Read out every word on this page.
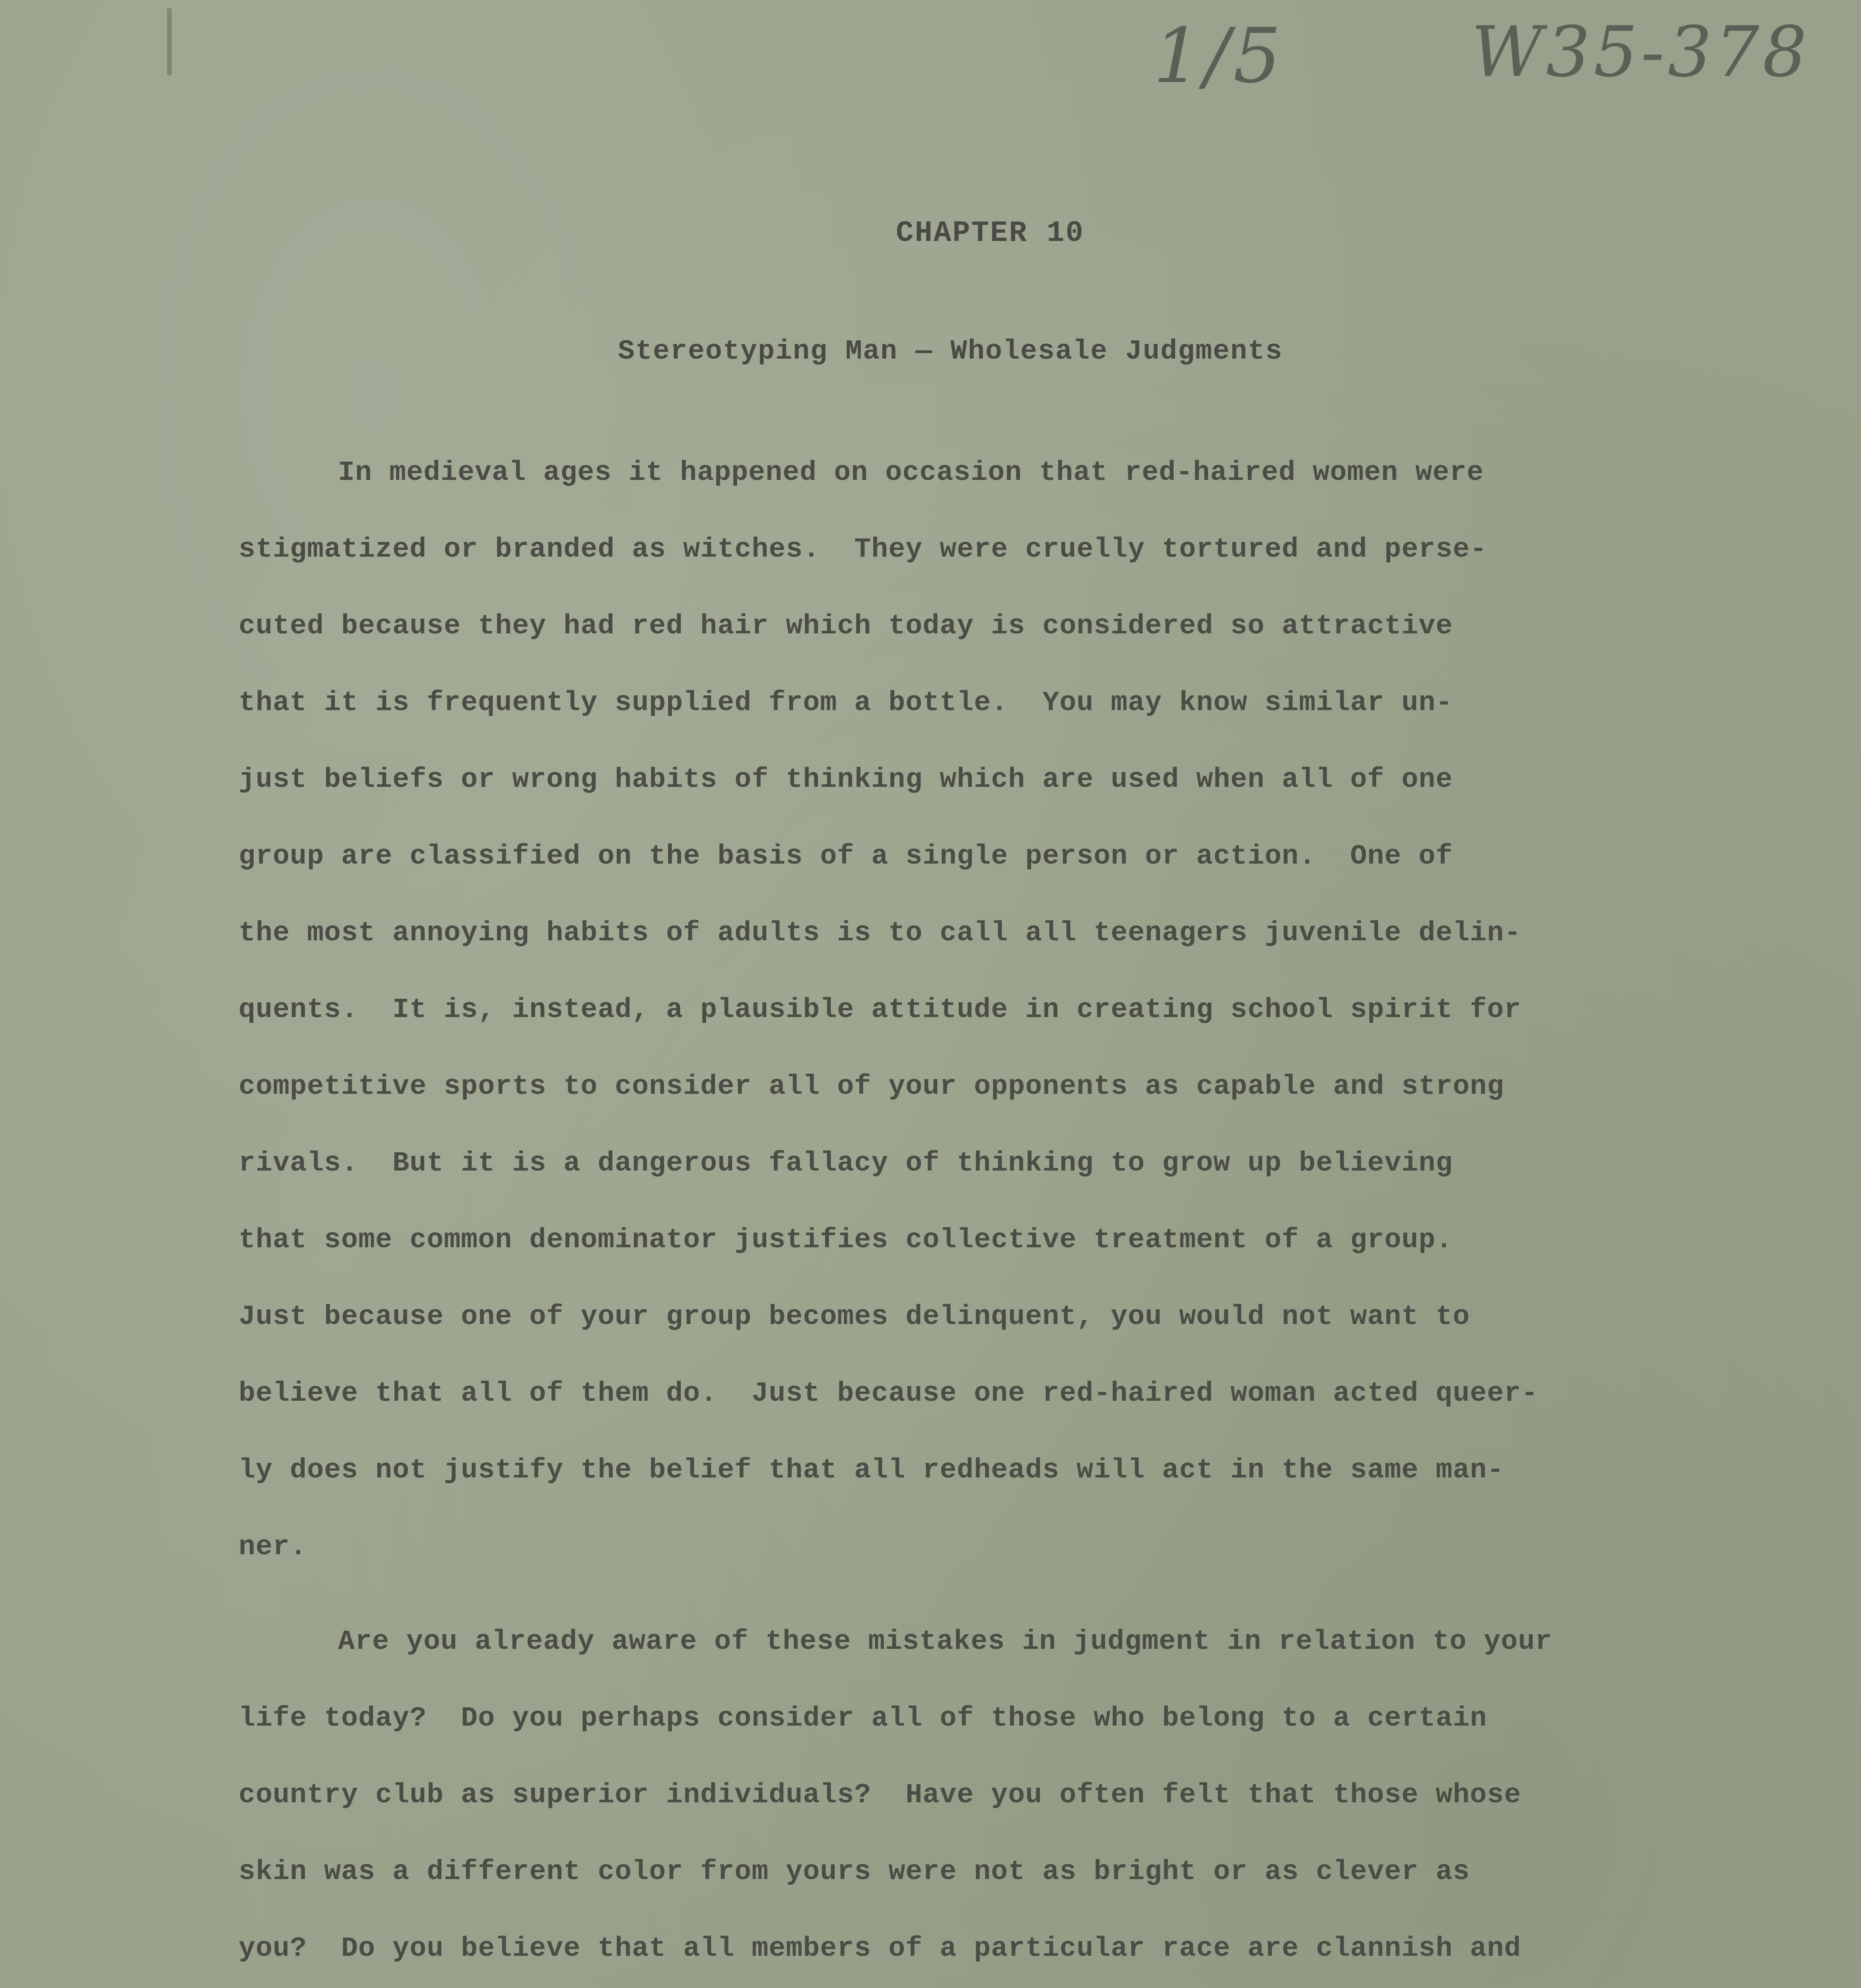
1/5	W35-378
CHAPTER 10
Stereotyping Man — Wholesale Judgments
In medieval ages it happened on occasion that red-haired women were
stigmatized or branded as witches.  They were cruelly tortured and perse-
cuted because they had red hair which today is considered so attractive
that it is frequently supplied from a bottle.  You may know similar un-
just beliefs or wrong habits of thinking which are used when all of one
group are classified on the basis of a single person or action.  One of
the most annoying habits of adults is to call all teenagers juvenile delin-
quents.  It is, instead, a plausible attitude in creating school spirit for
competitive sports to consider all of your opponents as capable and strong
rivals.  But it is a dangerous fallacy of thinking to grow up believing
that some common denominator justifies collective treatment of a group.
Just because one of your group becomes delinquent, you would not want to
believe that all of them do.  Just because one red-haired woman acted queer-
ly does not justify the belief that all redheads will act in the same man-
ner.
Are you already aware of these mistakes in judgment in relation to your
life today?  Do you perhaps consider all of those who belong to a certain
country club as superior individuals?  Have you often felt that those whose
skin was a different color from yours were not as bright or as clever as
you?  Do you believe that all members of a particular race are clannish and
